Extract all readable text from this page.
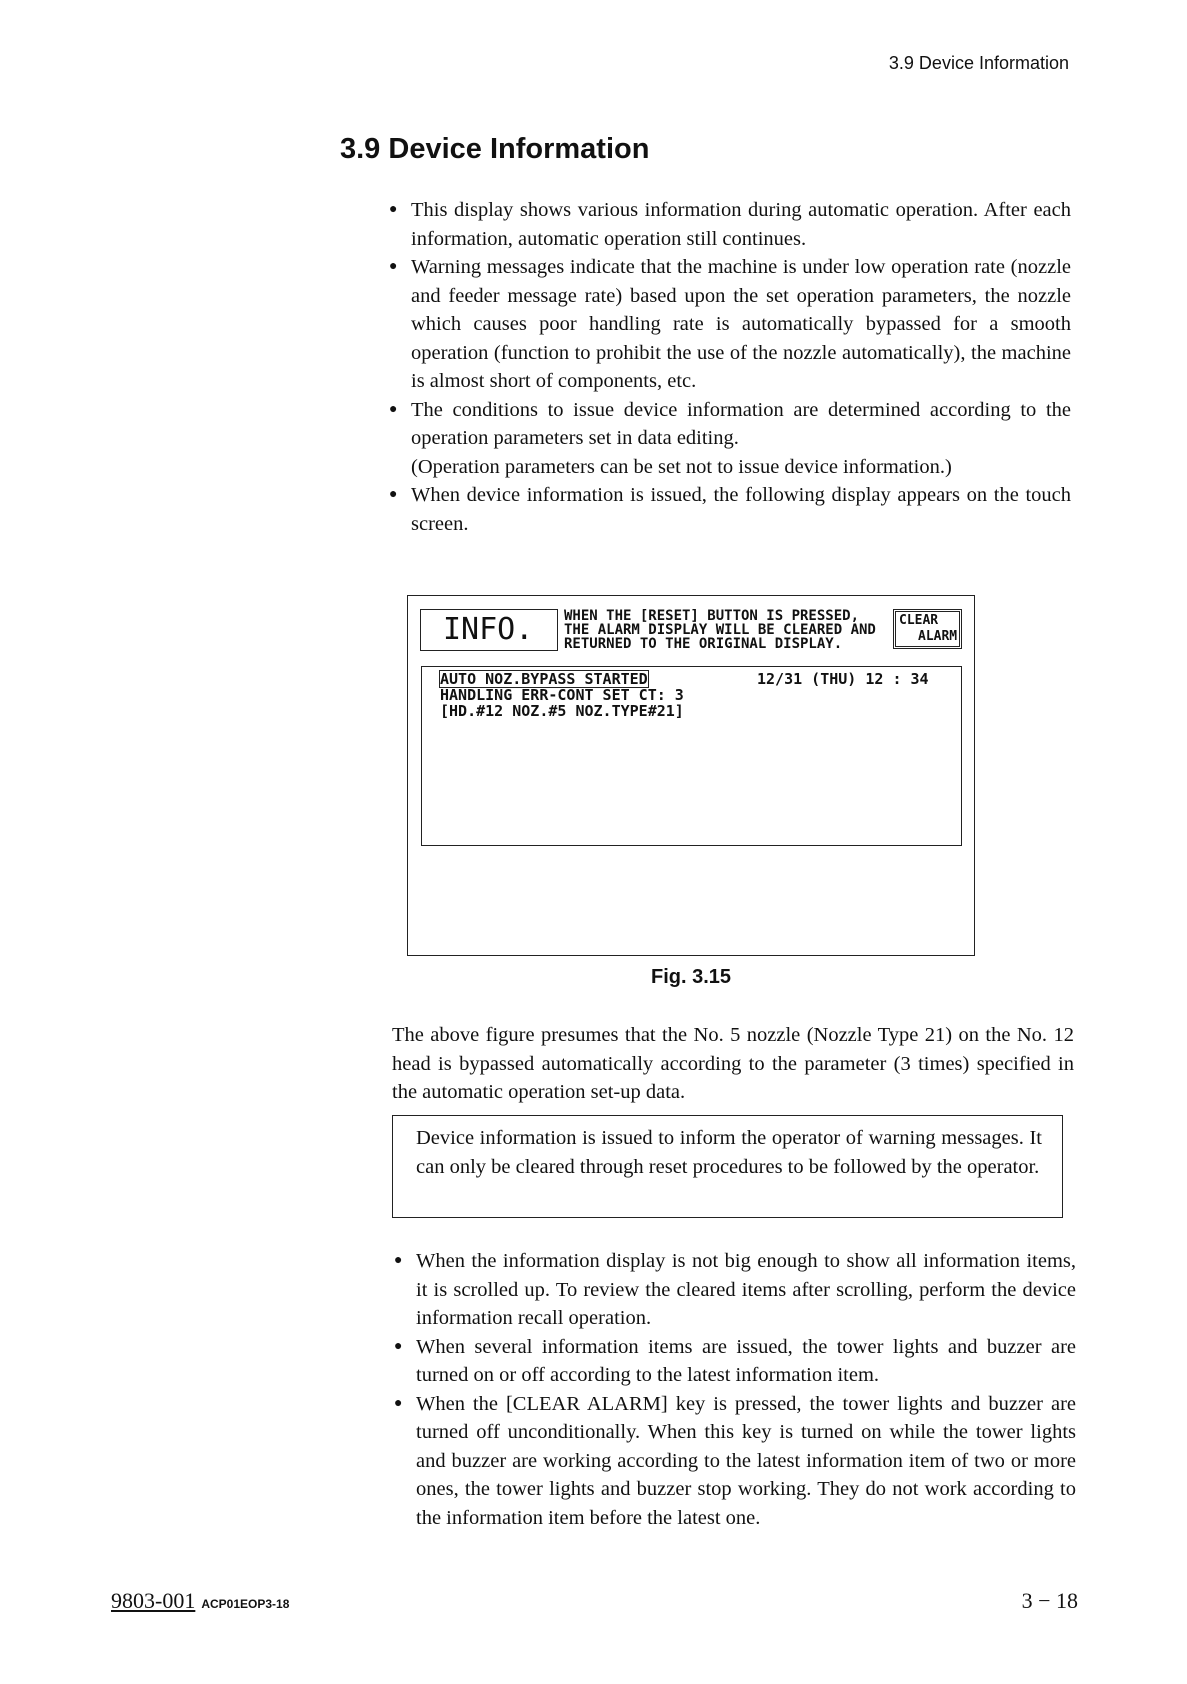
3.9 Device Information
3.9 Device Information
● This display shows various information during automatic operation. After each information, automatic operation still continues.
● Warning messages indicate that the machine is under low operation rate (nozzle and feeder message rate) based upon the set operation parameters, the nozzle which causes poor handling rate is automatically bypassed for a smooth operation (function to prohibit the use of the nozzle automatically), the machine is almost short of components, etc.
● The conditions to issue device information are determined according to the operation parameters set in data editing.
(Operation parameters can be set not to issue device information.)
● When device information is issued, the following display appears on the touch screen.
INFO. WHEN THE [RESET] BUTTON IS PRESSED,
THE ALARM DISPLAY WILL BE CLEARED AND
RETURNED TO THE ORIGINAL DISPLAY.
CLEAR
ALARM
AUTO NOZ.BYPASS STARTED
HANDLING ERR-CONT SET CT: 3
[HD.#12 NOZ.#5 NOZ.TYPE#21]
12/31 (THU) 12 : 34
Fig. 3.15
The above figure presumes that the No. 5 nozzle (Nozzle Type 21) on the No. 12 head is bypassed automatically according to the parameter (3 times) specified in the automatic operation set-up data.
Device information is issued to inform the operator of warning messages. It can only be cleared through reset procedures to be followed by the operator.
● When the information display is not big enough to show all information items, it is scrolled up. To review the cleared items after scrolling, perform the device information recall operation.
● When several information items are issued, the tower lights and buzzer are turned on or off according to the latest information item.
● When the [CLEAR ALARM] key is pressed, the tower lights and buzzer are turned off unconditionally. When this key is turned on while the tower lights and buzzer are working according to the latest information item of two or more ones, the tower lights and buzzer stop working. They do not work according to the information item before the latest one.
9803-001 ACP01EOP3-18	3 − 18
